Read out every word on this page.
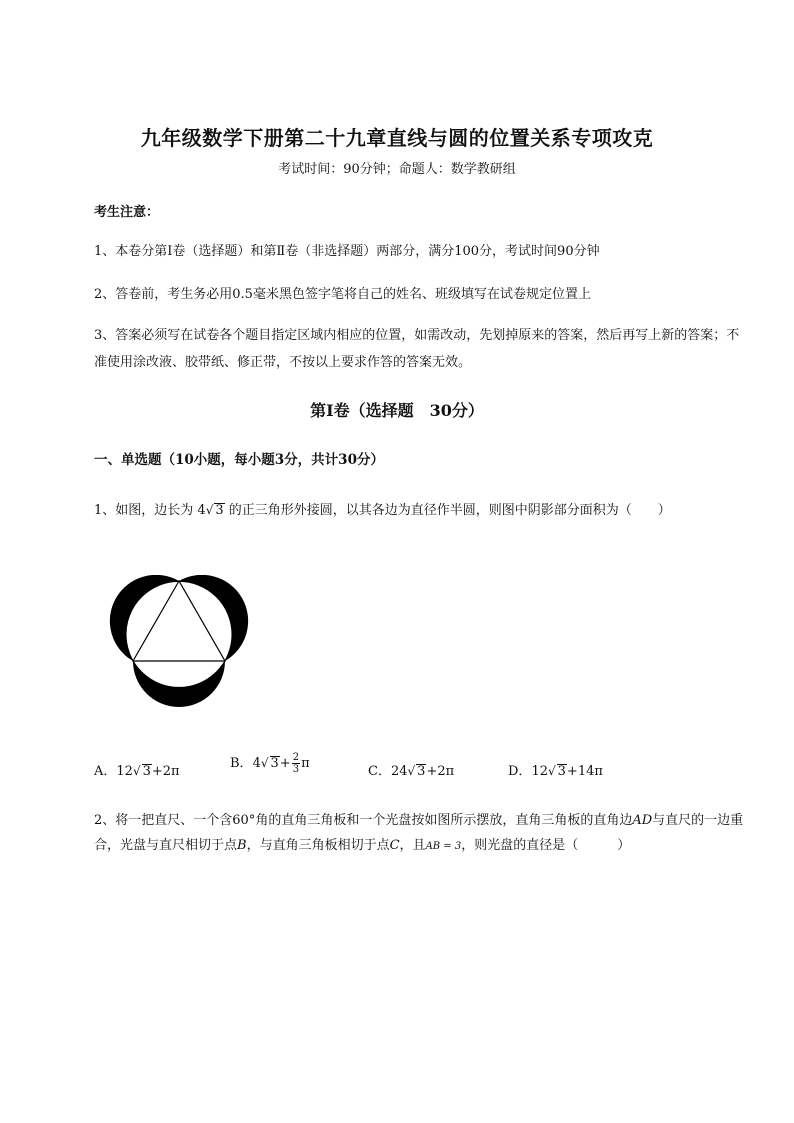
九年级数学下册第二十九章直线与圆的位置关系专项攻克
考试时间：90分钟；命题人：数学教研组
考生注意：
1、本卷分第I卷（选择题）和第Ⅱ卷（非选择题）两部分，满分100分，考试时间90分钟
2、答卷前，考生务必用0.5毫米黑色签字笔将自己的姓名、班级填写在试卷规定位置上
3、答案必须写在试卷各个题目指定区域内相应的位置，如需改动，先划掉原来的答案，然后再写上新的答案；不准使用涂改液、胶带纸、修正带，不按以上要求作答的答案无效。
第I卷（选择题　30分）
一、单选题（10小题，每小题3分，共计30分）
1、如图，边长为 4√ 3 的正三角形外接圆，以其各边为直径作半圆，则图中阴影部分面积为（　　）
A．12√ 3+2π
B．4√ $3+ \frac{2}{3}$ π
C．24√ 3+2π	D．12√ 3+14π
2、将一把直尺、一个含60°角的直角三角板和一个光盘按如图所示摆放，直角三角板的直角边AD与直尺的一边重合，光盘与直尺相切于点B，与直角三角板相切于点C，且AB = 3，则光盘的直径是（　　　）
